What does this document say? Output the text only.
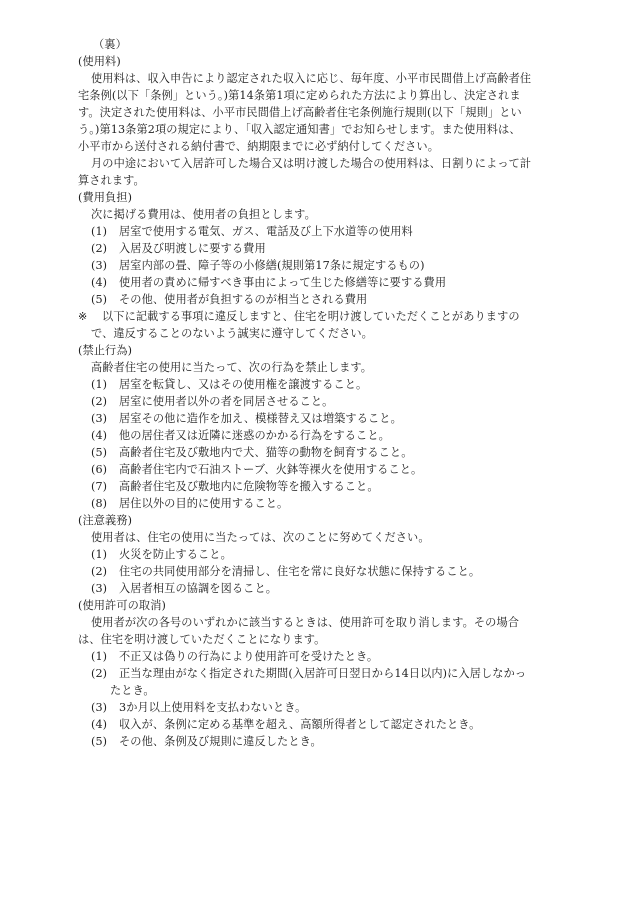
（裏）
(使用料)
使用料は、収入申告により認定された収入に応じ、毎年度、小平市民間借上げ高齢者住
宅条例(以下「条例」という。)第14条第1項に定められた方法により算出し、決定されま
す。決定された使用料は、小平市民間借上げ高齢者住宅条例施行規則(以下「規則」とい
う。)第13条第2項の規定により、「収入認定通知書」でお知らせします。また使用料は、
小平市から送付される納付書で、納期限までに必ず納付してください。
月の中途において入居許可した場合又は明け渡した場合の使用料は、日割りによって計
算されます。
(費用負担)
次に掲げる費用は、使用者の負担とします。
(1) 居室で使用する電気、ガス、電話及び上下水道等の使用料
(2) 入居及び明渡しに要する費用
(3) 居室内部の畳、障子等の小修繕(規則第17条に規定するもの)
(4) 使用者の責めに帰すべき事由によって生じた修繕等に要する費用
(5) その他、使用者が負担するのが相当とされる費用
※ 以下に記載する事項に違反しますと、住宅を明け渡していただくことがありますの
で、違反することのないよう誠実に遵守してください。
(禁止行為)
高齢者住宅の使用に当たって、次の行為を禁止します。
(1) 居室を転貸し、又はその使用権を譲渡すること。
(2) 居室に使用者以外の者を同居させること。
(3) 居室その他に造作を加え、模様替え又は増築すること。
(4) 他の居住者又は近隣に迷惑のかかる行為をすること。
(5) 高齢者住宅及び敷地内で犬、猫等の動物を飼育すること。
(6) 高齢者住宅内で石油ストーブ、火鉢等裸火を使用すること。
(7) 高齢者住宅及び敷地内に危険物等を搬入すること。
(8) 居住以外の目的に使用すること。
(注意義務)
使用者は、住宅の使用に当たっては、次のことに努めてください。
(1) 火災を防止すること。
(2) 住宅の共同使用部分を清掃し、住宅を常に良好な状態に保持すること。
(3) 入居者相互の協調を図ること。
(使用許可の取消)
使用者が次の各号のいずれかに該当するときは、使用許可を取り消します。その場合
は、住宅を明け渡していただくことになります。
(1) 不正又は偽りの行為により使用許可を受けたとき。
(2) 正当な理由がなく指定された期間(入居許可日翌日から14日以内)に入居しなかっ
たとき。
(3) 3か月以上使用料を支払わないとき。
(4) 収入が、条例に定める基準を超え、高額所得者として認定されたとき。
(5) その他、条例及び規則に違反したとき。
